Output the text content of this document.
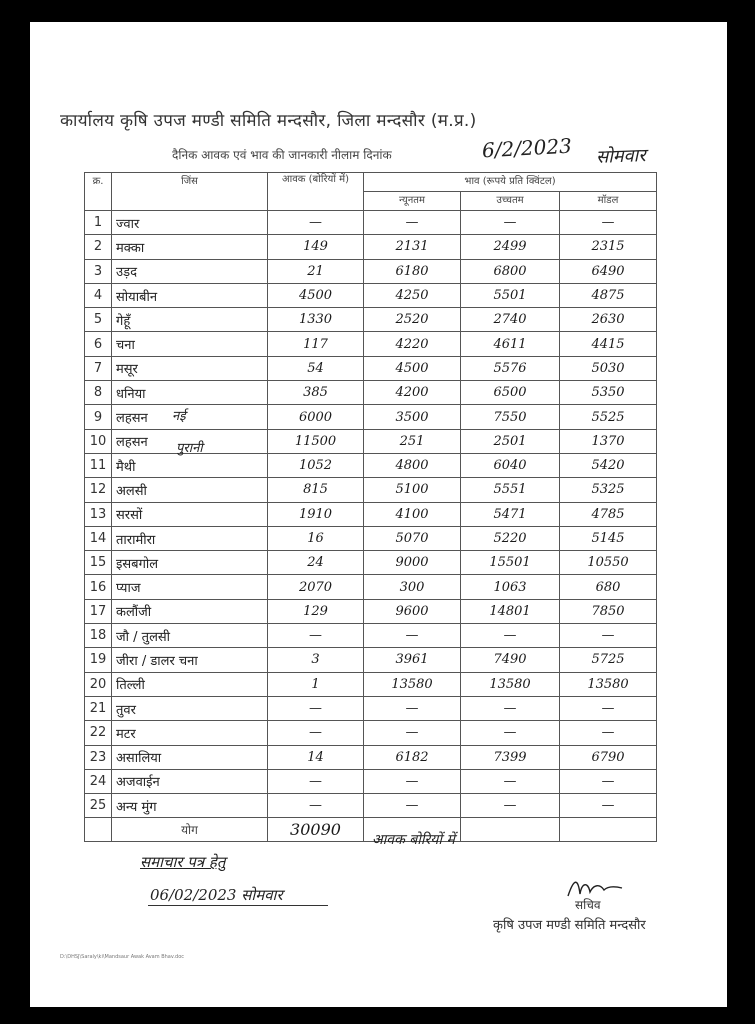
कार्यालय कृषि उपज मण्डी समिति मन्दसौर, जिला मन्दसौर (म.प्र.)
दैनिक आवक एवं भाव की जानकारी नीलाम दिनांक	6/2/2023 सोमवार
क्र.	जिंस	आवक (बोरियों में)	भाव (रूपये प्रति क्विंटल)		
			न्यूनतम	उच्चतम	मॉडल
1	ज्वार	—	—	—	—
2	मक्का	149	2131	2499	2315
3	उड़द	21	6180	6800	6490
4	सोयाबीन	4500	4250	5501	4875
5	गेहूँ	1330	2520	2740	2630
6	चना	117	4220	4611	4415
7	मसूर	54	4500	5576	5030
8	धनिया	385	4200	6500	5350
9	लहसन	6000	3500	7550	5525
10	लहसन	11500	251	2501	1370
11	मैथी	1052	4800	6040	5420
12	अलसी	815	5100	5551	5325
13	सरसों	1910	4100	5471	4785
14	तारामीरा	16	5070	5220	5145
15	इसबगोल	24	9000	15501	10550
16	प्याज	2070	300	1063	680
17	कलौंजी	129	9600	14801	7850
18	जौ / तुलसी	—	—	—	—
19	जीरा / डालर चना	3	3961	7490	5725
20	तिल्ली	1	13580	13580	13580
21	तुवर	—	—	—	—
22	मटर	—	—	—	—
23	असालिया	14	6182	7399	6790
24	अजवाईन	—	—	—	—
25	अन्य मुंग	—	—	—	—
	योग	30090			
नई
पुरानी
आवक बोरियों में
समाचार पत्र हेतु
06/02/2023 सोमवार
सचिव
कृषि उपज मण्डी समिति मन्दसौर
D:\DHSJ\Saraly\ki\Mandsaur Awak Avam Bhav.doc
